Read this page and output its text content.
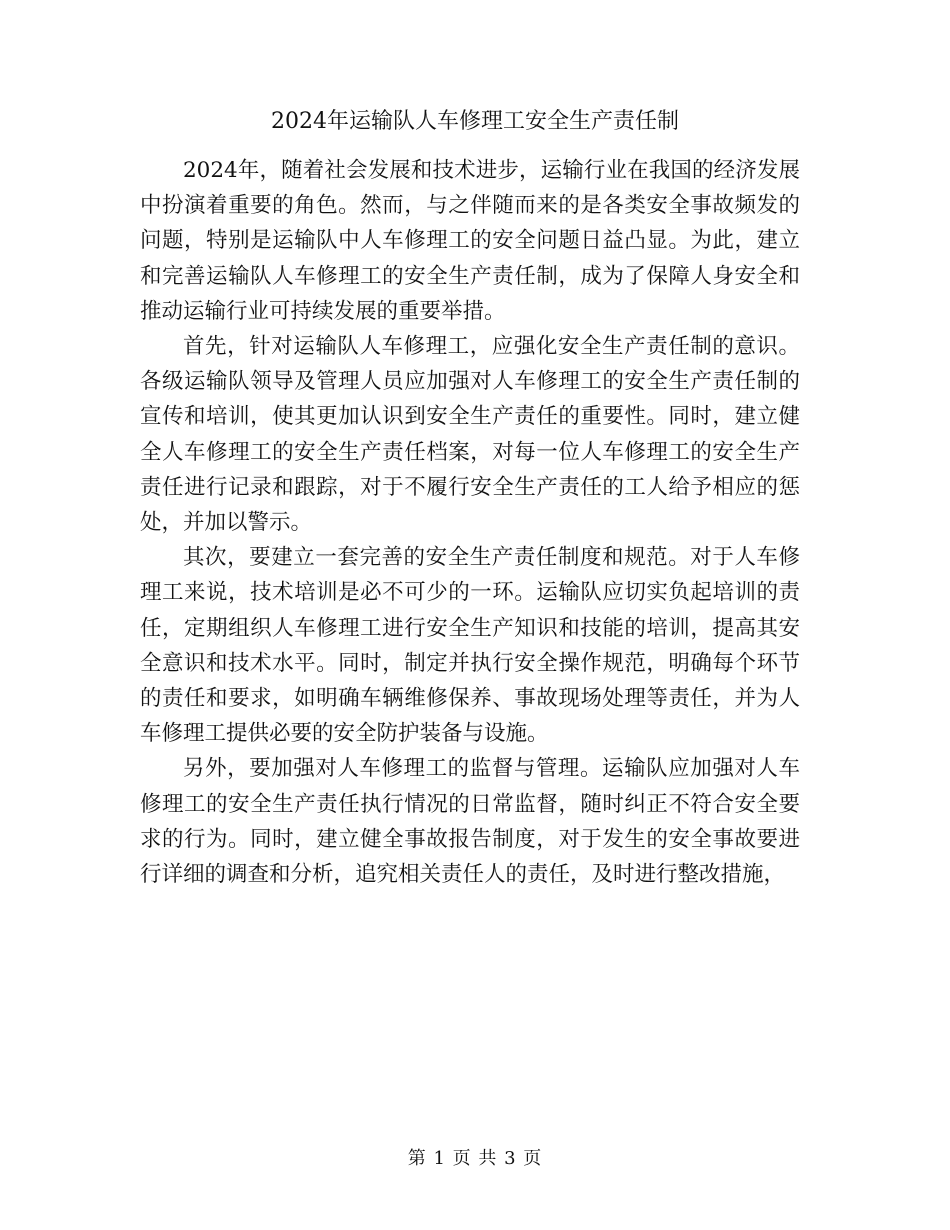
2024年运输队人车修理工安全生产责任制

2024年，随着社会发展和技术进步，运输行业在我国的经济发展中扮演着重要的角色。然而，与之伴随而来的是各类安全事故频发的问题，特别是运输队中人车修理工的安全问题日益凸显。为此，建立和完善运输队人车修理工的安全生产责任制，成为了保障人身安全和推动运输行业可持续发展的重要举措。

首先，针对运输队人车修理工，应强化安全生产责任制的意识。各级运输队领导及管理人员应加强对人车修理工的安全生产责任制的宣传和培训，使其更加认识到安全生产责任的重要性。同时，建立健全人车修理工的安全生产责任档案，对每一位人车修理工的安全生产责任进行记录和跟踪，对于不履行安全生产责任的工人给予相应的惩处，并加以警示。

其次，要建立一套完善的安全生产责任制度和规范。对于人车修理工来说，技术培训是必不可少的一环。运输队应切实负起培训的责任，定期组织人车修理工进行安全生产知识和技能的培训，提高其安全意识和技术水平。同时，制定并执行安全操作规范，明确每个环节的责任和要求，如明确车辆维修保养、事故现场处理等责任，并为人车修理工提供必要的安全防护装备与设施。

另外，要加强对人车修理工的监督与管理。运输队应加强对人车修理工的安全生产责任执行情况的日常监督，随时纠正不符合安全要求的行为。同时，建立健全事故报告制度，对于发生的安全事故要进行详细的调查和分析，追究相关责任人的责任，及时进行整改措施，

第 1 页 共 3 页
